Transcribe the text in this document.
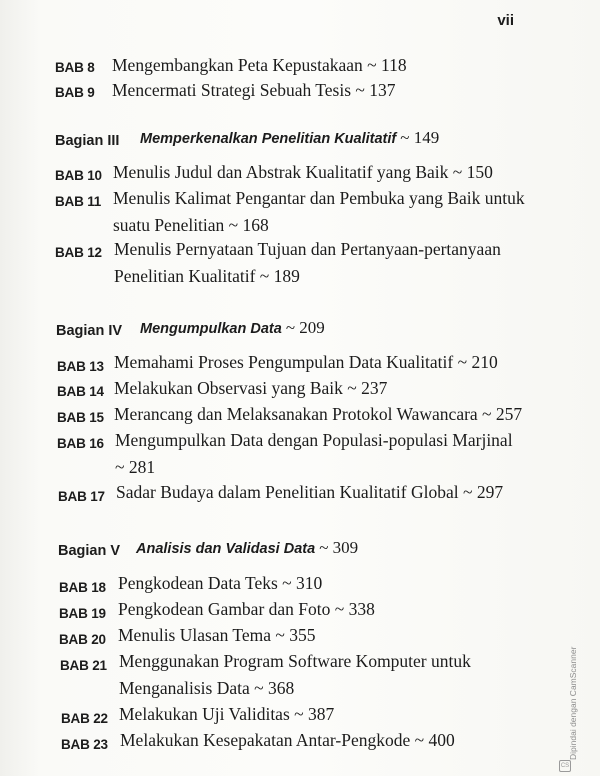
vii
BAB 8 Mengembangkan Peta Kepustakaan ~ 118
BAB 9 Mencermati Strategi Sebuah Tesis ~ 137
Bagian III Memperkenalkan Penelitian Kualitatif ~ 149
BAB 10 Menulis Judul dan Abstrak Kualitatif yang Baik ~ 150
BAB 11 Menulis Kalimat Pengantar dan Pembuka yang Baik untuk
suatu Penelitian ~ 168
BAB 12 Menulis Pernyataan Tujuan dan Pertanyaan-pertanyaan
Penelitian Kualitatif ~ 189
Bagian IV Mengumpulkan Data ~ 209
BAB 13 Memahami Proses Pengumpulan Data Kualitatif ~ 210
BAB 14 Melakukan Observasi yang Baik ~ 237
BAB 15 Merancang dan Melaksanakan Protokol Wawancara ~ 257
BAB 16 Mengumpulkan Data dengan Populasi-populasi Marjinal
~ 281
BAB 17 Sadar Budaya dalam Penelitian Kualitatif Global ~ 297
Bagian V Analisis dan Validasi Data ~ 309
BAB 18 Pengkodean Data Teks ~ 310
BAB 19 Pengkodean Gambar dan Foto ~ 338
BAB 20 Menulis Ulasan Tema ~ 355
BAB 21 Menggunakan Program Software Komputer untuk
Menganalisis Data ~ 368
BAB 22 Melakukan Uji Validitas ~ 387
BAB 23 Melakukan Kesepakatan Antar-Pengkode ~ 400
CS
Dipindai dengan CamScanner
